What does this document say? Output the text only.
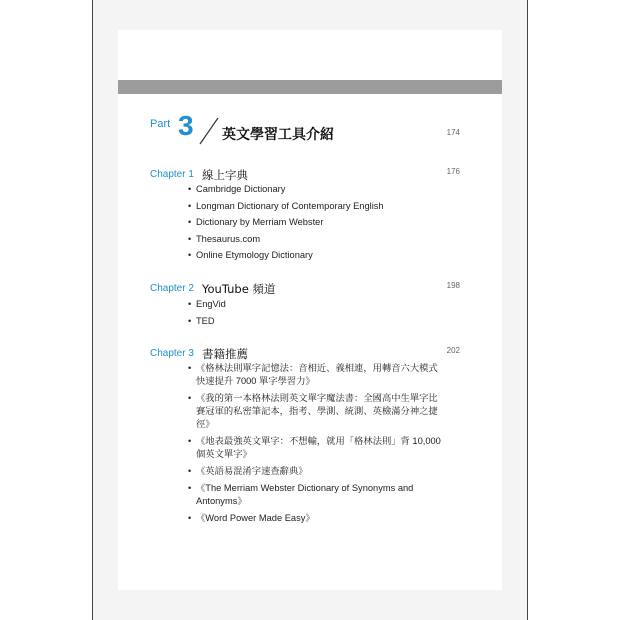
Part 3 英文學習工具介紹	174
Chapter 1 線上字典	176
• Cambridge Dictionary
• Longman Dictionary of Contemporary English
• Dictionary by Merriam Webster
• Thesaurus.com
• Online Etymology Dictionary
Chapter 2 YouTube 頻道	198
• EngVid
• TED
Chapter 3 書籍推薦	202
• 《格林法則單字記憶法：音相近、義相連，用轉音六大模式快速提升 7000 單字學習力》
• 《我的第一本格林法則英文單字魔法書：全國高中生單字比賽冠軍的私密筆記本，指考、學測、統測、英檢滿分神之捷徑》
• 《地表最強英文單字：不想輸，就用「格林法則」背 10,000 個英文單字》
• 《英語易混淆字速查辭典》
• 《The Merriam Webster Dictionary of Synonyms and Antonyms》
• 《Word Power Made Easy》
